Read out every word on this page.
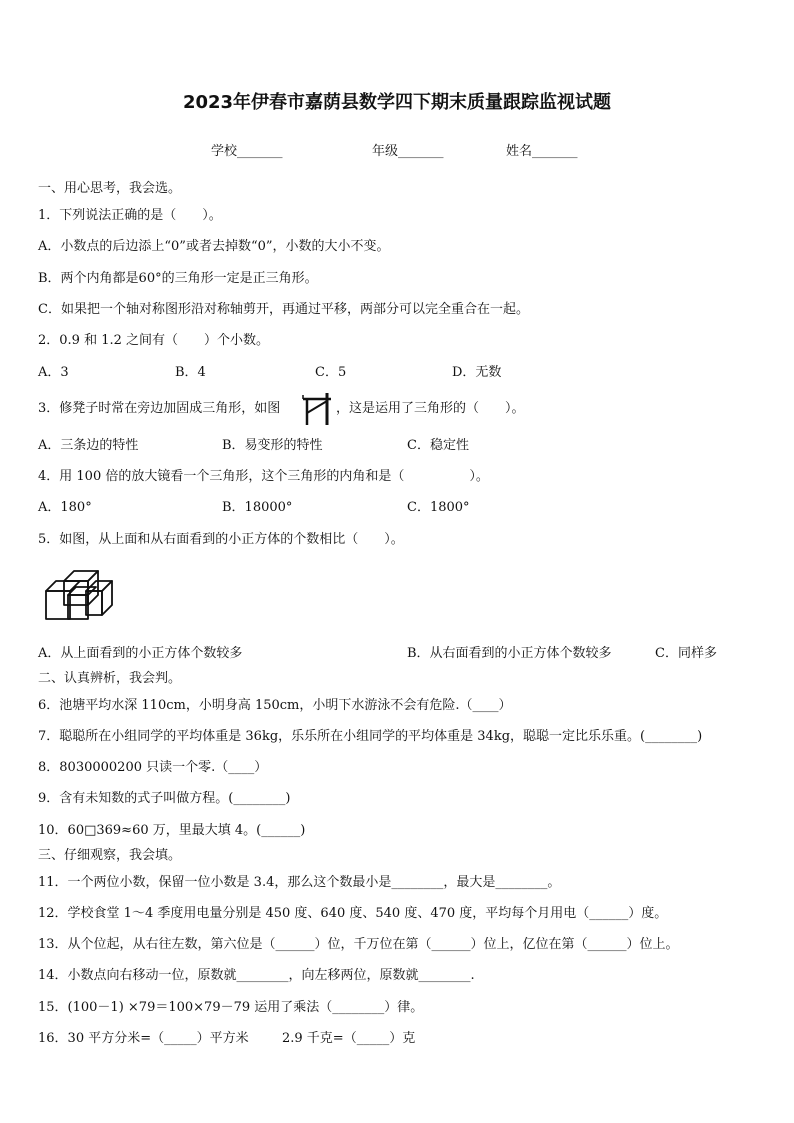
2023年伊春市嘉荫县数学四下期末质量跟踪监视试题
学校_______	年级_______	姓名_______
一、用心思考，我会选。
1．下列说法正确的是（　　）。
A．小数点的后边添上“0”或者去掉数“0”，小数的大小不变。
B．两个内角都是60°的三角形一定是正三角形。
C．如果把一个轴对称图形沿对称轴剪开，再通过平移，两部分可以完全重合在一起。
2．0.9 和 1.2 之间有（　　）个小数。
A．3	B．4	C．5	D．无数
3．修凳子时常在旁边加固成三角形，如图	，这是运用了三角形的（　　）。
A．三条边的特性	B．易变形的特性	C．稳定性
4．用 100 倍的放大镜看一个三角形，这个三角形的内角和是（　　　　　）。
A．180°	B．18000°	C．1800°
5．如图，从上面和从右面看到的小正方体的个数相比（　　）。
A．从上面看到的小正方体个数较多	B．从右面看到的小正方体个数较多	C．同样多
二、认真辨析，我会判。
6．池塘平均水深 110cm，小明身高 150cm，小明下水游泳不会有危险.（____）
7．聪聪所在小组同学的平均体重是 36kg，乐乐所在小组同学的平均体重是 34kg，聪聪一定比乐乐重。(________)
8．8030000200 只读一个零.（____）
9．含有未知数的式子叫做方程。(________)
10．60□369≈60 万，里最大填 4。(______)
三、仔细观察，我会填。
11．一个两位小数，保留一位小数是 3.4，那么这个数最小是________，最大是________。
12．学校食堂 1～4 季度用电量分别是 450 度、640 度、540 度、470 度，平均每个月用电（______）度。
13．从个位起，从右往左数，第六位是（______）位，千万位在第（______）位上，亿位在第（______）位上。
14．小数点向右移动一位，原数就________，向左移两位，原数就________.
15．(100－1) ×79＝100×79－79 运用了乘法（________）律。
16．30 平方分米=（_____）平方米	2.9 千克=（_____）克
